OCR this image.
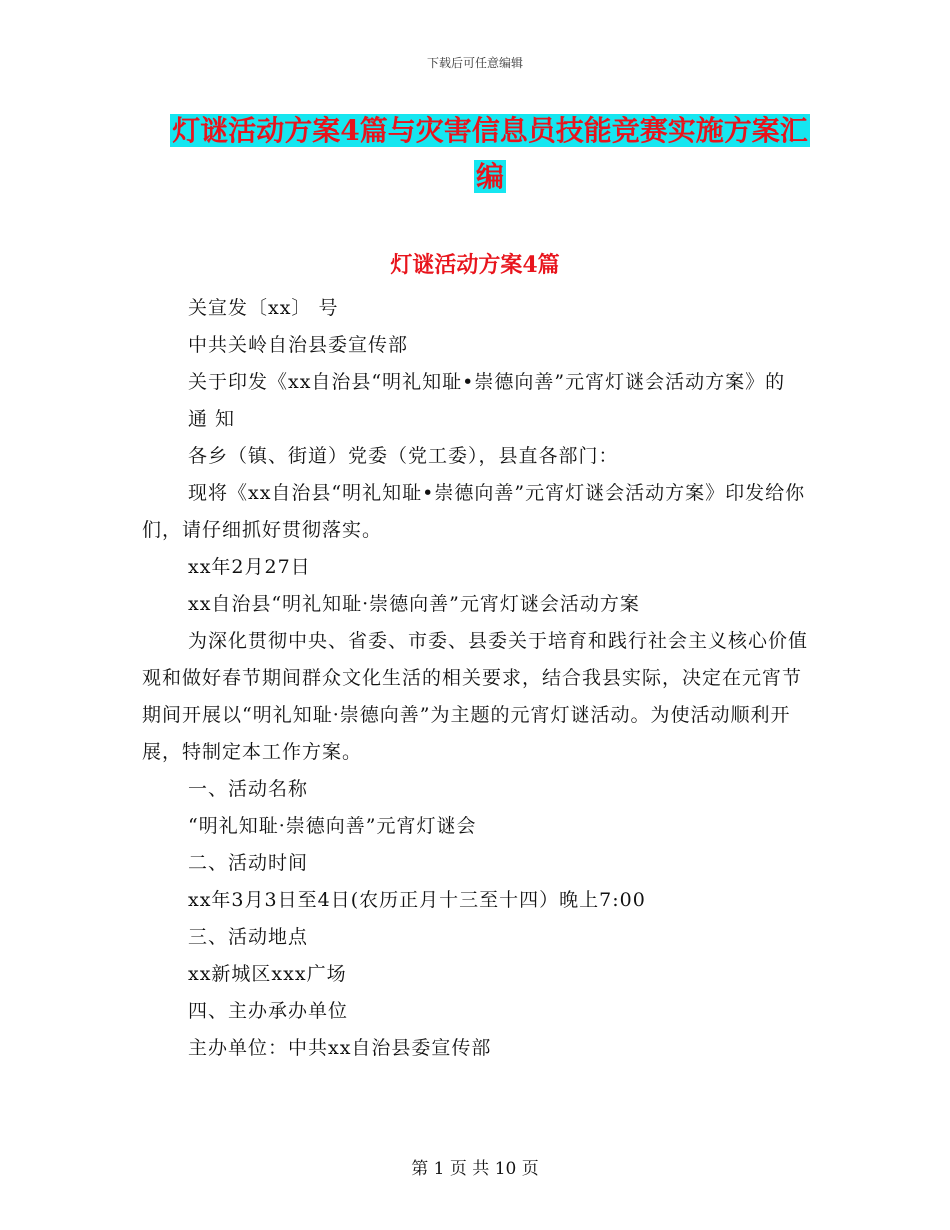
下载后可任意编辑
灯谜活动方案4篇与灾害信息员技能竞赛实施方案汇
编
灯谜活动方案4篇

关宣发〔xx〕 号

中共关岭自治县委宣传部

关于印发《xx自治县“明礼知耻•崇德向善”元宵灯谜会活动方案》的

通 知

各乡（镇、街道）党委（党工委），县直各部门：

现将《xx自治县“明礼知耻•崇德向善”元宵灯谜会活动方案》印发给你们，请仔细抓好贯彻落实。

xx年2月27日

xx自治县“明礼知耻·崇德向善”元宵灯谜会活动方案

为深化贯彻中央、省委、市委、县委关于培育和践行社会主义核心价值观和做好春节期间群众文化生活的相关要求，结合我县实际，决定在元宵节期间开展以“明礼知耻·崇德向善”为主题的元宵灯谜活动。为使活动顺利开展，特制定本工作方案。

一、活动名称

“明礼知耻·崇德向善”元宵灯谜会

二、活动时间

xx年3月3日至4日(农历正月十三至十四）晚上7:00

三、活动地点

xx新城区xxx广场

四、主办承办单位

主办单位：中共xx自治县委宣传部

第 1 页 共 10 页
